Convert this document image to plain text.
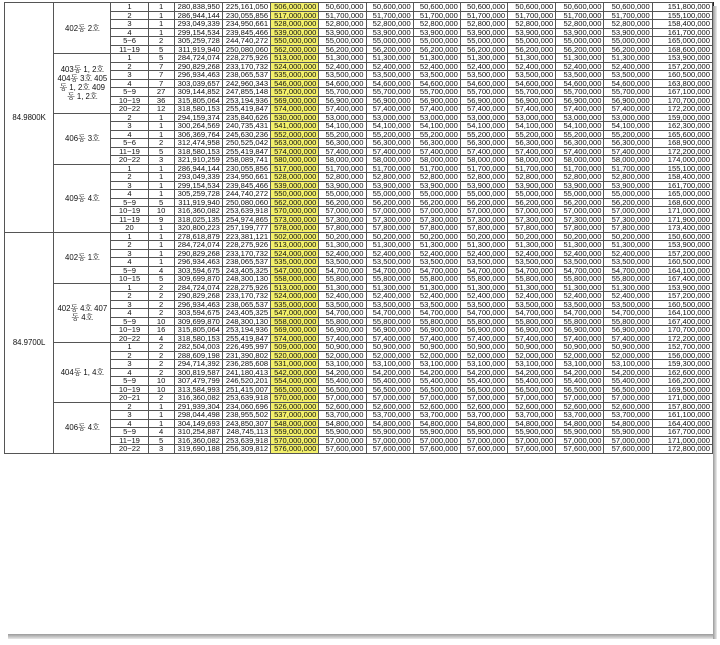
84.9800K	402동 2호	1	1	280,838,950	225,161,050	506,000,000	50,600,000	50,600,000	50,600,000	50,600,000	50,600,000	50,600,000	50,600,000	151,800,000
		2	1	286,944,144	230,055,856	517,000,000	51,700,000	51,700,000	51,700,000	51,700,000	51,700,000	51,700,000	51,700,000	155,100,000
		3	1	293,049,339	234,950,661	528,000,000	52,800,000	52,800,000	52,800,000	52,800,000	52,800,000	52,800,000	52,800,000	158,400,000
		4	1	299,154,534	239,845,466	539,000,000	53,900,000	53,900,000	53,900,000	53,900,000	53,900,000	53,900,000	53,900,000	161,700,000
		5~6	2	305,259,728	244,740,272	550,000,000	55,000,000	55,000,000	55,000,000	55,000,000	55,000,000	55,000,000	55,000,000	165,000,000
		11~19	5	311,919,940	250,080,060	562,000,000	56,200,000	56,200,000	56,200,000	56,200,000	56,200,000	56,200,000	56,200,000	168,600,000
	403동 1, 2호 404동 3호 405동 1, 2호 409동 1, 2호	1	5	284,724,074	228,275,926	513,000,000	51,300,000	51,300,000	51,300,000	51,300,000	51,300,000	51,300,000	51,300,000	153,900,000
		2	7	290,829,268	233,170,732	524,000,000	52,400,000	52,400,000	52,400,000	52,400,000	52,400,000	52,400,000	52,400,000	157,200,000
		3	7	296,934,463	238,065,537	535,000,000	53,500,000	53,500,000	53,500,000	53,500,000	53,500,000	53,500,000	53,500,000	160,500,000
		4	7	303,039,657	242,960,343	546,000,000	54,600,000	54,600,000	54,600,000	54,600,000	54,600,000	54,600,000	54,600,000	163,800,000
		5~9	27	309,144,852	247,855,148	557,000,000	55,700,000	55,700,000	55,700,000	55,700,000	55,700,000	55,700,000	55,700,000	167,100,000
		10~19	36	315,805,064	253,194,936	569,000,000	56,900,000	56,900,000	56,900,000	56,900,000	56,900,000	56,900,000	56,900,000	170,700,000
		20~22	12	318,580,153	255,419,847	574,000,000	57,400,000	57,400,000	57,400,000	57,400,000	57,400,000	57,400,000	57,400,000	172,200,000
	406동 3호	2	1	294,159,374	235,840,626	530,000,000	53,000,000	53,000,000	53,000,000	53,000,000	53,000,000	53,000,000	53,000,000	159,000,000
		3	1	300,264,569	240,735,431	541,000,000	54,100,000	54,100,000	54,100,000	54,100,000	54,100,000	54,100,000	54,100,000	162,300,000
		4	1	306,369,764	245,630,236	552,000,000	55,200,000	55,200,000	55,200,000	55,200,000	55,200,000	55,200,000	55,200,000	165,600,000
		5~6	2	312,474,958	250,525,042	563,000,000	56,300,000	56,300,000	56,300,000	56,300,000	56,300,000	56,300,000	56,300,000	168,900,000
		11~19	5	318,580,153	255,419,847	574,000,000	57,400,000	57,400,000	57,400,000	57,400,000	57,400,000	57,400,000	57,400,000	172,200,000
		20~22	3	321,910,259	258,089,741	580,000,000	58,000,000	58,000,000	58,000,000	58,000,000	58,000,000	58,000,000	58,000,000	174,000,000
	409동 4호	1	1	286,944,144	230,055,856	517,000,000	51,700,000	51,700,000	51,700,000	51,700,000	51,700,000	51,700,000	51,700,000	155,100,000
		2	1	293,049,339	234,950,661	528,000,000	52,800,000	52,800,000	52,800,000	52,800,000	52,800,000	52,800,000	52,800,000	158,400,000
		3	1	299,154,534	239,845,466	539,000,000	53,900,000	53,900,000	53,900,000	53,900,000	53,900,000	53,900,000	53,900,000	161,700,000
		4	1	305,259,728	244,740,272	550,000,000	55,000,000	55,000,000	55,000,000	55,000,000	55,000,000	55,000,000	55,000,000	165,000,000
		5~9	5	311,919,940	250,080,060	562,000,000	56,200,000	56,200,000	56,200,000	56,200,000	56,200,000	56,200,000	56,200,000	168,600,000
		10~19	10	316,360,082	253,639,918	570,000,000	57,000,000	57,000,000	57,000,000	57,000,000	57,000,000	57,000,000	57,000,000	171,000,000
		11~19	9	318,025,135	254,974,865	573,000,000	57,300,000	57,300,000	57,300,000	57,300,000	57,300,000	57,300,000	57,300,000	171,900,000
		20	1	320,800,223	257,199,777	578,000,000	57,800,000	57,800,000	57,800,000	57,800,000	57,800,000	57,800,000	57,800,000	173,400,000
84.9700L	402동 1호	1	1	278,618,879	223,381,121	502,000,000	50,200,000	50,200,000	50,200,000	50,200,000	50,200,000	50,200,000	50,200,000	150,600,000
		2	1	284,724,074	228,275,926	513,000,000	51,300,000	51,300,000	51,300,000	51,300,000	51,300,000	51,300,000	51,300,000	153,900,000
		3	1	290,829,268	233,170,732	524,000,000	52,400,000	52,400,000	52,400,000	52,400,000	52,400,000	52,400,000	52,400,000	157,200,000
		4	1	296,934,463	238,065,537	535,000,000	53,500,000	53,500,000	53,500,000	53,500,000	53,500,000	53,500,000	53,500,000	160,500,000
		5~9	4	303,594,675	243,405,325	547,000,000	54,700,000	54,700,000	54,700,000	54,700,000	54,700,000	54,700,000	54,700,000	164,100,000
		10~15	5	309,699,870	248,300,130	558,000,000	55,800,000	55,800,000	55,800,000	55,800,000	55,800,000	55,800,000	55,800,000	167,400,000
	402동 4호 407동 4호	1	2	284,724,074	228,275,926	513,000,000	51,300,000	51,300,000	51,300,000	51,300,000	51,300,000	51,300,000	51,300,000	153,900,000
		2	2	290,829,268	233,170,732	524,000,000	52,400,000	52,400,000	52,400,000	52,400,000	52,400,000	52,400,000	52,400,000	157,200,000
		3	2	296,934,463	238,065,537	535,000,000	53,500,000	53,500,000	53,500,000	53,500,000	53,500,000	53,500,000	53,500,000	160,500,000
		4	2	303,594,675	243,405,325	547,000,000	54,700,000	54,700,000	54,700,000	54,700,000	54,700,000	54,700,000	54,700,000	164,100,000
		5~9	10	309,699,870	248,300,130	558,000,000	55,800,000	55,800,000	55,800,000	55,800,000	55,800,000	55,800,000	55,800,000	167,400,000
		10~19	16	315,805,064	253,194,936	569,000,000	56,900,000	56,900,000	56,900,000	56,900,000	56,900,000	56,900,000	56,900,000	170,700,000
		20~22	4	318,580,153	255,419,847	574,000,000	57,400,000	57,400,000	57,400,000	57,400,000	57,400,000	57,400,000	57,400,000	172,200,000
	404동 1, 4호	1	2	282,504,003	226,495,997	509,000,000	50,900,000	50,900,000	50,900,000	50,900,000	50,900,000	50,900,000	50,900,000	152,700,000
		2	2	288,609,198	231,390,802	520,000,000	52,000,000	52,000,000	52,000,000	52,000,000	52,000,000	52,000,000	52,000,000	156,000,000
		3	2	294,714,392	236,285,608	531,000,000	53,100,000	53,100,000	53,100,000	53,100,000	53,100,000	53,100,000	53,100,000	159,300,000
		4	2	300,819,587	241,180,413	542,000,000	54,200,000	54,200,000	54,200,000	54,200,000	54,200,000	54,200,000	54,200,000	162,600,000
		5~9	10	307,479,799	246,520,201	554,000,000	55,400,000	55,400,000	55,400,000	55,400,000	55,400,000	55,400,000	55,400,000	166,200,000
		10~19	10	313,584,993	251,415,007	565,000,000	56,500,000	56,500,000	56,500,000	56,500,000	56,500,000	56,500,000	56,500,000	169,500,000
		20~21	2	316,360,082	253,639,918	570,000,000	57,000,000	57,000,000	57,000,000	57,000,000	57,000,000	57,000,000	57,000,000	171,000,000
	406동 4호	2	1	291,939,304	234,060,696	526,000,000	52,600,000	52,600,000	52,600,000	52,600,000	52,600,000	52,600,000	52,600,000	157,800,000
		3	1	298,044,498	238,955,502	537,000,000	53,700,000	53,700,000	53,700,000	53,700,000	53,700,000	53,700,000	53,700,000	161,100,000
		4	1	304,149,693	243,850,307	548,000,000	54,800,000	54,800,000	54,800,000	54,800,000	54,800,000	54,800,000	54,800,000	164,400,000
		5~9	4	310,254,887	248,745,113	559,000,000	55,900,000	55,900,000	55,900,000	55,900,000	55,900,000	55,900,000	55,900,000	167,700,000
		11~19	5	316,360,082	253,639,918	570,000,000	57,000,000	57,000,000	57,000,000	57,000,000	57,000,000	57,000,000	57,000,000	171,000,000
		20~22	3	319,690,188	256,309,812	576,000,000	57,600,000	57,600,000	57,600,000	57,600,000	57,600,000	57,600,000	57,600,000	172,800,000
